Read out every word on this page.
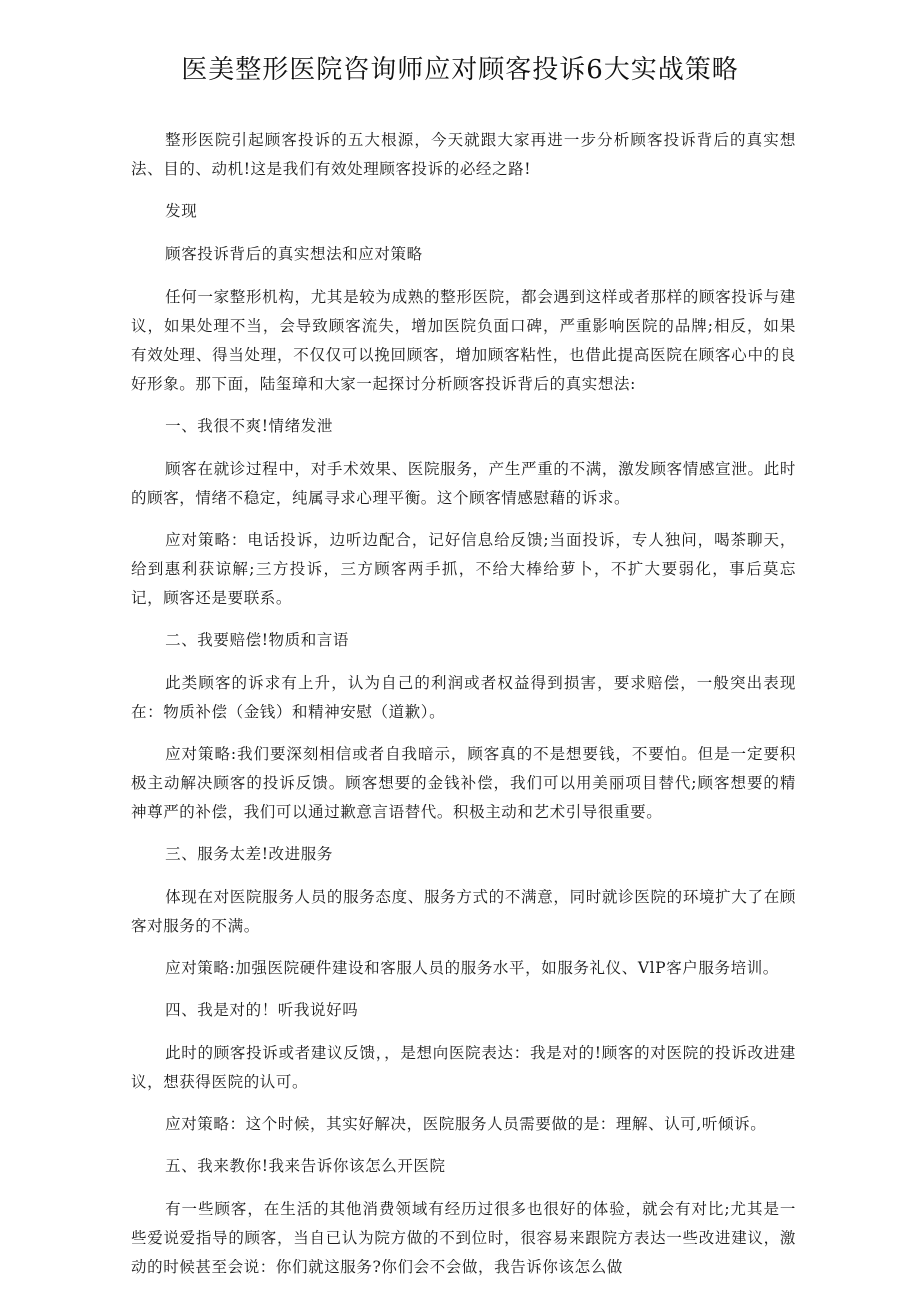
医美整形医院咨询师应对顾客投诉6大实战策略

整形医院引起顾客投诉的五大根源，今天就跟大家再进一步分析顾客投诉背后的真实想法、目的、动机!这是我们有效处理顾客投诉的必经之路!

发现

顾客投诉背后的真实想法和应对策略

任何一家整形机构，尤其是较为成熟的整形医院，都会遇到这样或者那样的顾客投诉与建议，如果处理不当，会导致顾客流失，增加医院负面口碑，严重影响医院的品牌;相反，如果有效处理、得当处理，不仅仅可以挽回顾客，增加顾客粘性，也借此提高医院在顾客心中的良好形象。那下面，陆玺璋和大家一起探讨分析顾客投诉背后的真实想法:

一、我很不爽!情绪发泄

顾客在就诊过程中，对手术效果、医院服务，产生严重的不满，激发顾客情感宣泄。此时的顾客，情绪不稳定，纯属寻求心理平衡。这个顾客情感慰藉的诉求。

应对策略：电话投诉，边听边配合，记好信息给反馈;当面投诉，专人独问，喝茶聊天，给到惠利获谅解;三方投诉，三方顾客两手抓，不给大棒给萝卜，不扩大要弱化，事后莫忘记，顾客还是要联系。

二、我要赔偿!物质和言语

此类顾客的诉求有上升，认为自己的利润或者权益得到损害，要求赔偿，一般突出表现在：物质补偿（金钱）和精神安慰（道歉）。

应对策略:我们要深刻相信或者自我暗示，顾客真的不是想要钱，不要怕。但是一定要积极主动解决顾客的投诉反馈。顾客想要的金钱补偿，我们可以用美丽项目替代;顾客想要的精神尊严的补偿，我们可以通过歉意言语替代。积极主动和艺术引导很重要。

三、服务太差!改进服务

体现在对医院服务人员的服务态度、服务方式的不满意，同时就诊医院的环境扩大了在顾客对服务的不满。

应对策略:加强医院硬件建设和客服人员的服务水平，如服务礼仪、VlP客户服务培训。

四、我是对的！听我说好吗

此时的顾客投诉或者建议反馈，，是想向医院表达：我是对的!顾客的对医院的投诉改进建议，想获得医院的认可。

应对策略：这个时候，其实好解决，医院服务人员需要做的是：理解、认可,听倾诉。

五、我来教你!我来告诉你该怎么开医院

有一些顾客，在生活的其他消费领域有经历过很多也很好的体验，就会有对比;尤其是一些爱说爱指导的顾客，当自已认为院方做的不到位时，很容易来跟院方表达一些改进建议，激动的时候甚至会说：你们就这服务?你们会不会做，我告诉你该怎么做
